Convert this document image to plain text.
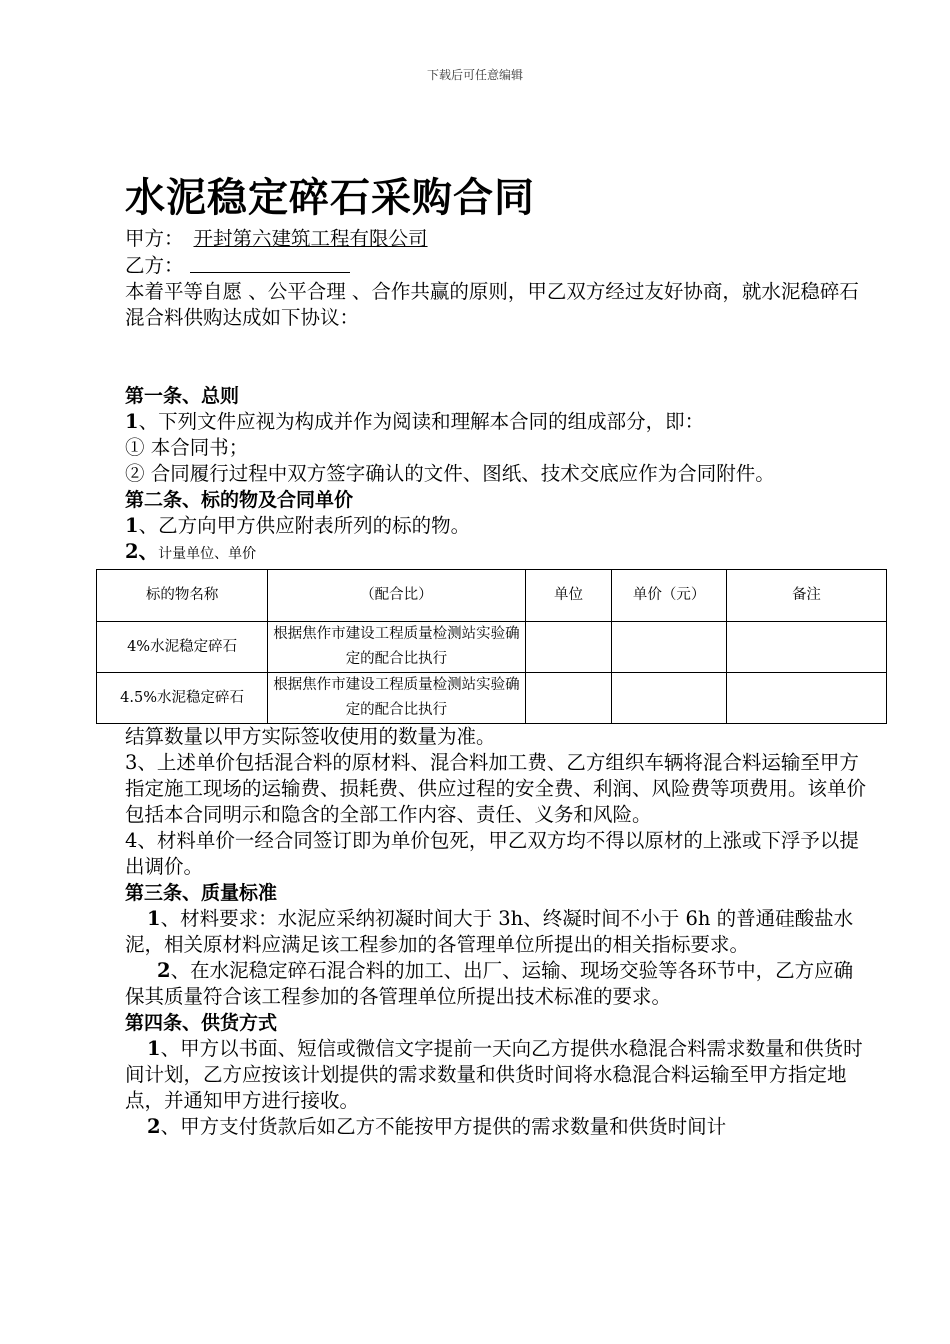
下载后可任意编辑
水泥稳定碎石采购合同

甲方： 开封第六建筑工程有限公司

乙方：

本着平等自愿 、公平合理 、合作共赢的原则，甲乙双方经过友好协商，就水泥稳碎石混合料供购达成如下协议：

第一条、总则

1、下列文件应视为构成并作为阅读和理解本合同的组成部分，即：

① 本合同书；

② 合同履行过程中双方签字确认的文件、图纸、技术交底应作为合同附件。

第二条、标的物及合同单价

1、乙方向甲方供应附表所列的标的物。

2、计量单位、单价

标的物名称	（配合比）	单位	单价（元）	备注
4%水泥稳定碎石	根据焦作市建设工程质量检测站实验确定的配合比执行			
4.5%水泥稳定碎石	根据焦作市建设工程质量检测站实验确定的配合比执行			

结算数量以甲方实际签收使用的数量为准。

3、上述单价包括混合料的原材料、混合料加工费、乙方组织车辆将混合料运输至甲方指定施工现场的运输费、损耗费、供应过程的安全费、利润、风险费等项费用。该单价包括本合同明示和隐含的全部工作内容、责任、义务和风险。

4、材料单价一经合同签订即为单价包死，甲乙双方均不得以原材的上涨或下浮予以提出调价。

第三条、质量标准

1、材料要求：水泥应采纳初凝时间大于 3h、终凝时间不小于 6h 的普通硅酸盐水泥，相关原材料应满足该工程参加的各管理单位所提出的相关指标要求。

2、在水泥稳定碎石混合料的加工、出厂、运输、现场交验等各环节中，乙方应确保其质量符合该工程参加的各管理单位所提出技术标准的要求。

第四条、供货方式

1、甲方以书面、短信或微信文字提前一天向乙方提供水稳混合料需求数量和供货时间计划，乙方应按该计划提供的需求数量和供货时间将水稳混合料运输至甲方指定地点，并通知甲方进行接收。

2、甲方支付货款后如乙方不能按甲方提供的需求数量和供货时间计
